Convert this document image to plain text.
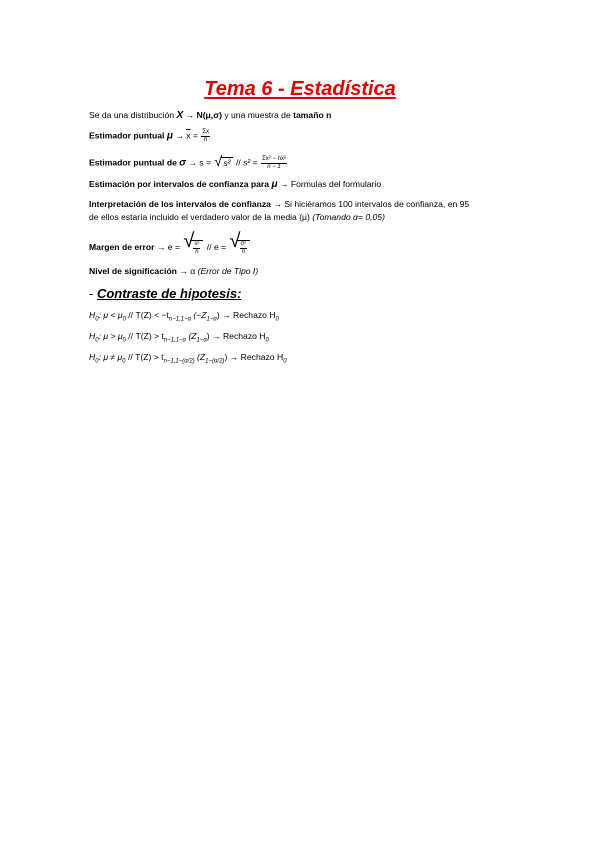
Tema 6 - Estadística
Se da una distribución X → N(μ,σ) y una muestra de tamaño n
Estimador puntual $\mu \to \overline{x} = \frac{\Sigma x}{n}$
Estimador puntual de σ → s = √ $s^2 // s^2 = \frac{\text{Σx² − nx̄²}}{n - 1}$
Estimación por intervalos de confianza para μ → Formulas del formulario
Interpretación de los intervalos de confianza → Si hiciéramos 100 intervalos de confianza, en 95
de ellos estaría incluido el verdadero valor de la media (μ) (Tomando α= 0,05)
Margen de error → e = √ $\frac{\text{s²}}{n}$ // e = √ $\frac{\text{σ²}}{n}$
Nivel de significación → α (Error de Tipo I)
- Contraste de hipotesis:
$H_0$: $\mu < \mu_0 // T(Z) < -t_{n-1,1-\alpha}$ $(-Z_{1-\alpha})$ → Rechazo $H_0$
$H_0$: $\mu > \mu_0 // T(Z) > t_{n-1,1-\alpha}$ $(Z_{1-\alpha})$ → Rechazo $H_0$
$H_0$: $\mu \ne \mu_0 // T(Z) > t_{n-1,1-(\alpha/2)}$ $(Z_{1-(\alpha/2)})$ → Rechazo $H_0$
